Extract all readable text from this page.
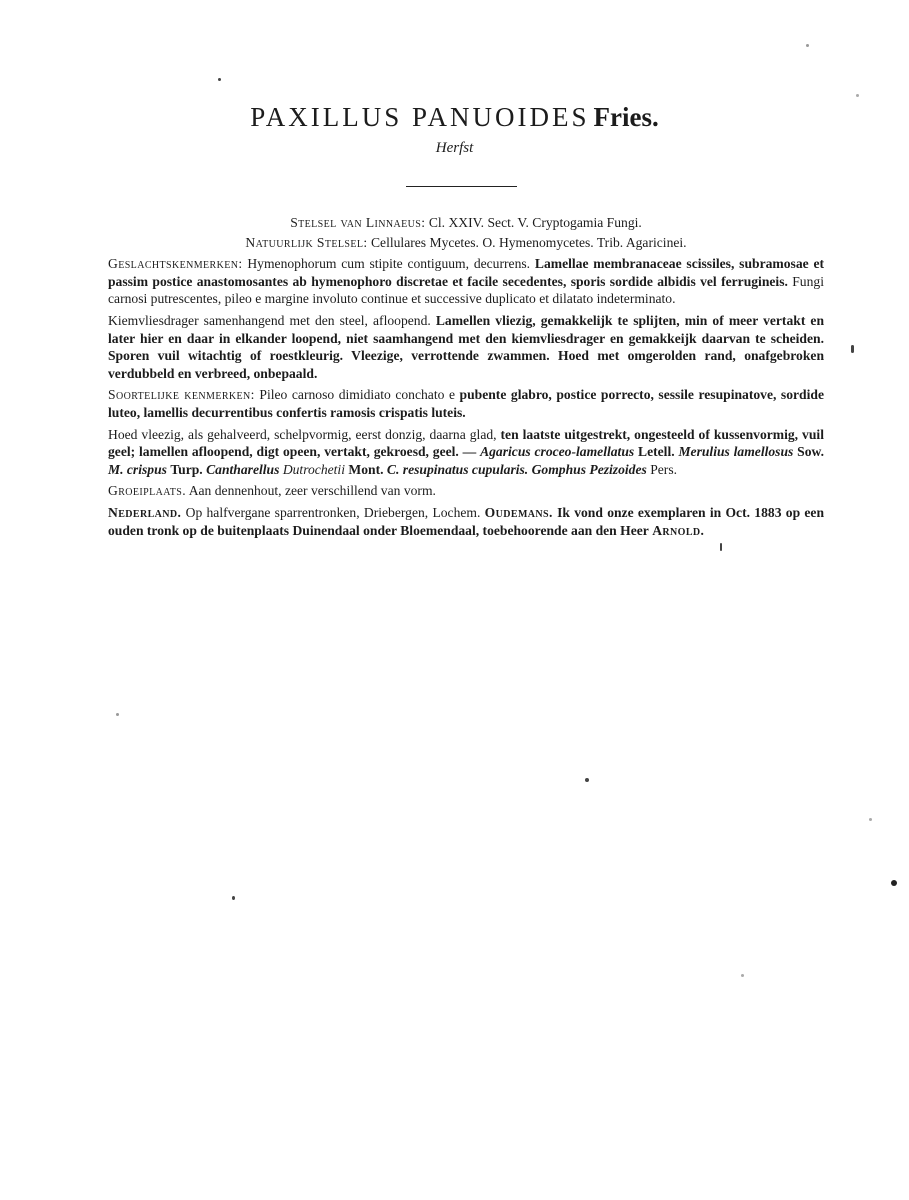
PAXILLUS PANUOIDES Fries.
Herfst

Stelsel van Linnaeus: Cl. XXIV. Sect. V. Cryptogamia Fungi.

Natuurlijk Stelsel: Cellulares Mycetes. O. Hymenomycetes. Trib. Agaricinei.

Geslachtskenmerken: Hymenophorum cum stipite contiguum, decurrens. Lamellae membranaceae scissiles, subramosae et passim postice anastomosantes ab hymenophoro discretae et facile secedentes, sporis sordide albidis vel ferrugineis. Fungi carnosi putrescentes, pileo e margine involuto continue et successive duplicato et dilatato indeterminato.

Kiemvliesdrager samenhangend met den steel, afloopend. Lamellen vliezig, gemakkelijk te splijten, min of meer vertakt en later hier en daar in elkander loopend, niet saamhangend met den kiemvliesdrager en gemakkeijk daarvan te scheiden. Sporen vuil witachtig of roestkleurig. Vleezige, verrottende zwammen. Hoed met omgerolden rand, onafgebroken verdubbeld en verbreed, onbepaald.

Soortelijke kenmerken: Pileo carnoso dimidiato conchato e pubente glabro, postice porrecto, sessile resupinatove, sordide luteo, lamellis decurrentibus confertis ramosis crispatis luteis.

Hoed vleezig, als gehalveerd, schelpvormig, eerst donzig, daarna glad, ten laatste uitgestrekt, ongesteeld of kussenvormig, vuil geel; lamellen afloopend, digt opeen, vertakt, gekroesd, geel. — Agaricus croceo-lamellatus Letell. Merulius lamellosus Sow. M. crispus Turp. Cantharellus Dutrochetii Mont. C. resupinatus cupularis. Gomphus Pezizoides Pers.

Groeiplaats. Aan dennenhout, zeer verschillend van vorm.

Nederland. Op halfvergane sparrentronken, Driebergen, Lochem. Oudemans. Ik vond onze exemplaren in Oct. 1883 op een ouden tronk op de buitenplaats Duinendaal onder Bloemendaal, toebehoorende aan den Heer Arnold.
